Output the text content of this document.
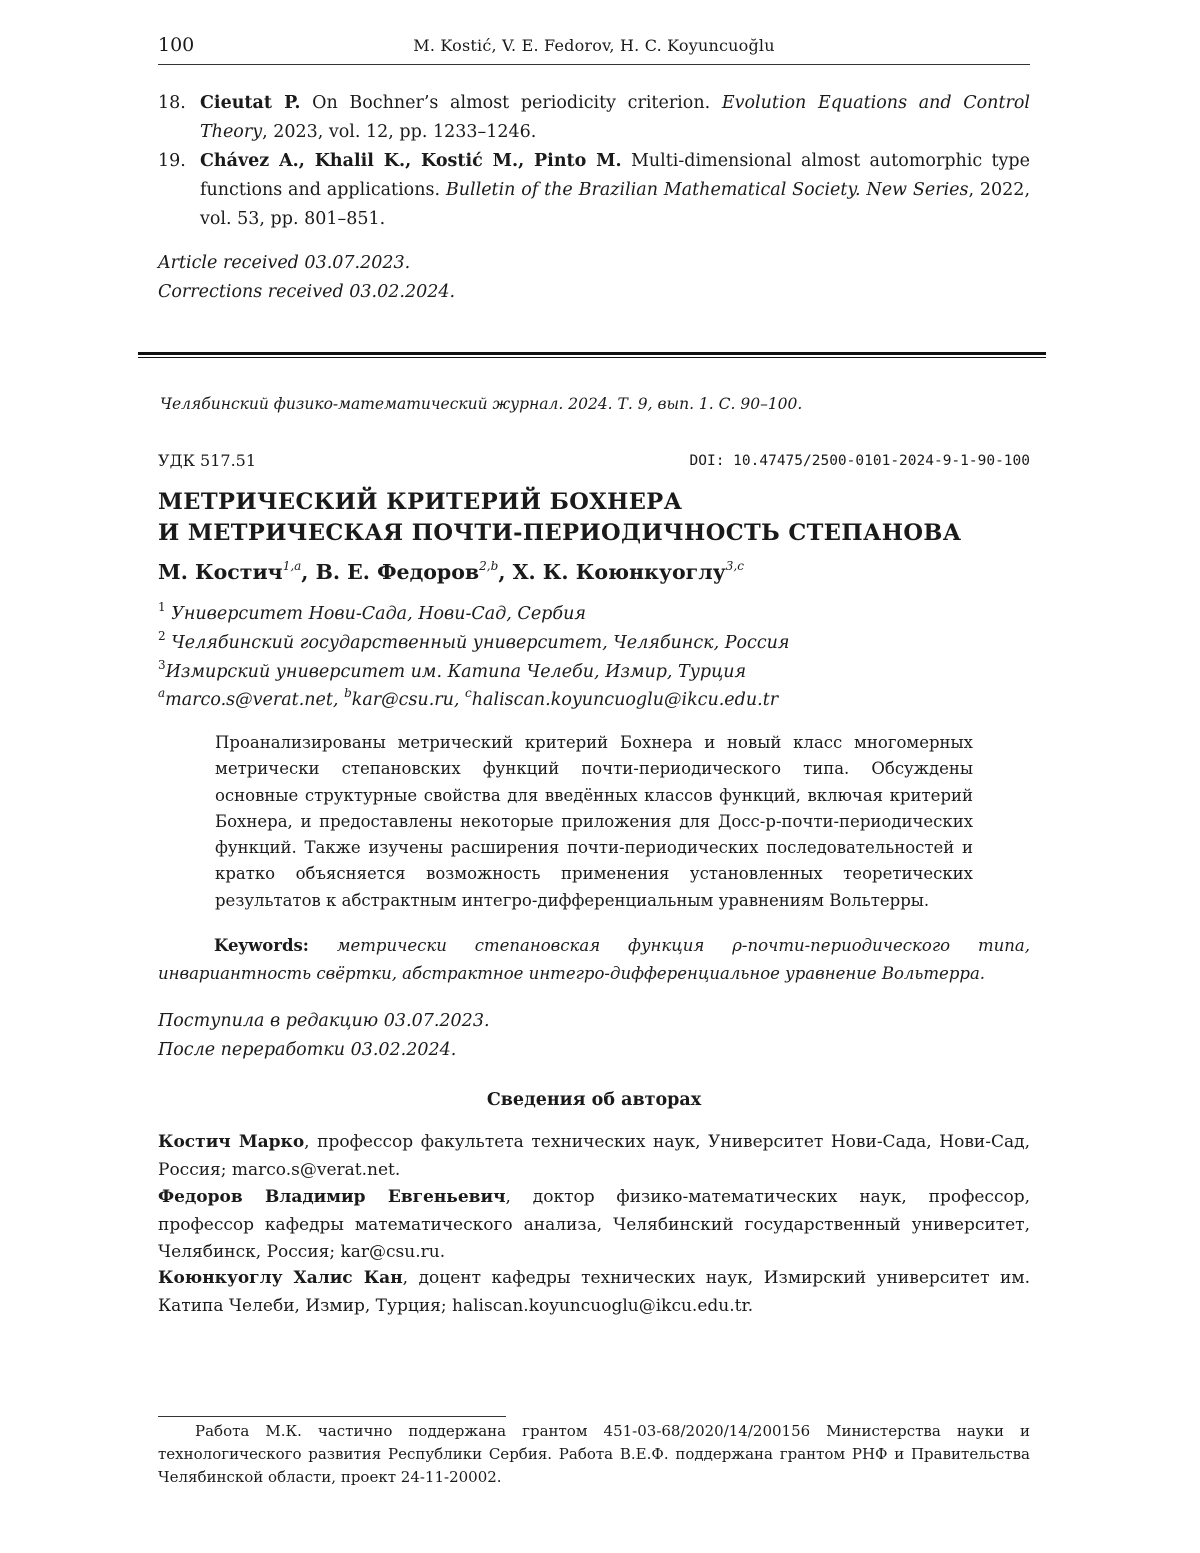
100	M. Kostić, V. E. Fedorov, H. C. Koyuncuoğlu
18. Cieutat P. On Bochner’s almost periodicity criterion. Evolution Equations and Control Theory, 2023, vol. 12, pp. 1233–1246.
19. Chávez A., Khalil K., Kostić M., Pinto M. Multi-dimensional almost automorphic type functions and applications. Bulletin of the Brazilian Mathematical Society. New Series, 2022, vol. 53, pp. 801–851.
Article received 03.07.2023.
Corrections received 03.02.2024.
Челябинский физико-математический журнал. 2024. Т. 9, вып. 1. С. 90–100.
УДК 517.51	DOI: 10.47475/2500-0101-2024-9-1-90-100
МЕТРИЧЕСКИЙ КРИТЕРИЙ БОХНЕРА
И МЕТРИЧЕСКАЯ ПОЧТИ-ПЕРИОДИЧНОСТЬ СТЕПАНОВА
М. Костич1,a, В. Е. Федоров2,b, Х. К. Коюнкуоглу3,c
1 Университет Нови-Сада, Нови-Сад, Сербия
2 Челябинский государственный университет, Челябинск, Россия
3Измирский университет им. Катипа Челеби, Измир, Турция
amarco.s@verat.net, bkar@csu.ru, chaliscan.koyuncuoglu@ikcu.edu.tr
Проанализированы метрический критерий Бохнера и новый класс многомерных метрически степановских функций почти-периодического типа. Обсуждены основные структурные свойства для введённых классов функций, включая критерий Бохнера, и предоставлены некоторые приложения для Досс-p-почти-периодических функций. Также изучены расширения почти-периодических последовательностей и кратко объясняется возможность применения установленных теоретических результатов к абстрактным интегро-дифференциальным уравнениям Вольтерры.
Keywords: метрически степановская функция ρ-почти-периодического типа, инвариантность свёртки, абстрактное интегро-дифференциальное уравнение Вольтерра.
Поступила в редакцию 03.07.2023.
После переработки 03.02.2024.
Сведения об авторах
Костич Марко, профессор факультета технических наук, Университет Нови-Сада, Нови-Сад, Россия; marco.s@verat.net.
Федоров Владимир Евгеньевич, доктор физико-математических наук, профессор, профессор кафедры математического анализа, Челябинский государственный университет, Челябинск, Россия; kar@csu.ru.
Коюнкуоглу Халис Кан, доцент кафедры технических наук, Измирский университет им. Катипа Челеби, Измир, Турция; haliscan.koyuncuoglu@ikcu.edu.tr.
Работа М.К. частично поддержана грантом 451-03-68/2020/14/200156 Министерства науки и технологического развития Республики Сербия. Работа В.Е.Ф. поддержана грантом РНФ и Правительства Челябинской области, проект 24-11-20002.
